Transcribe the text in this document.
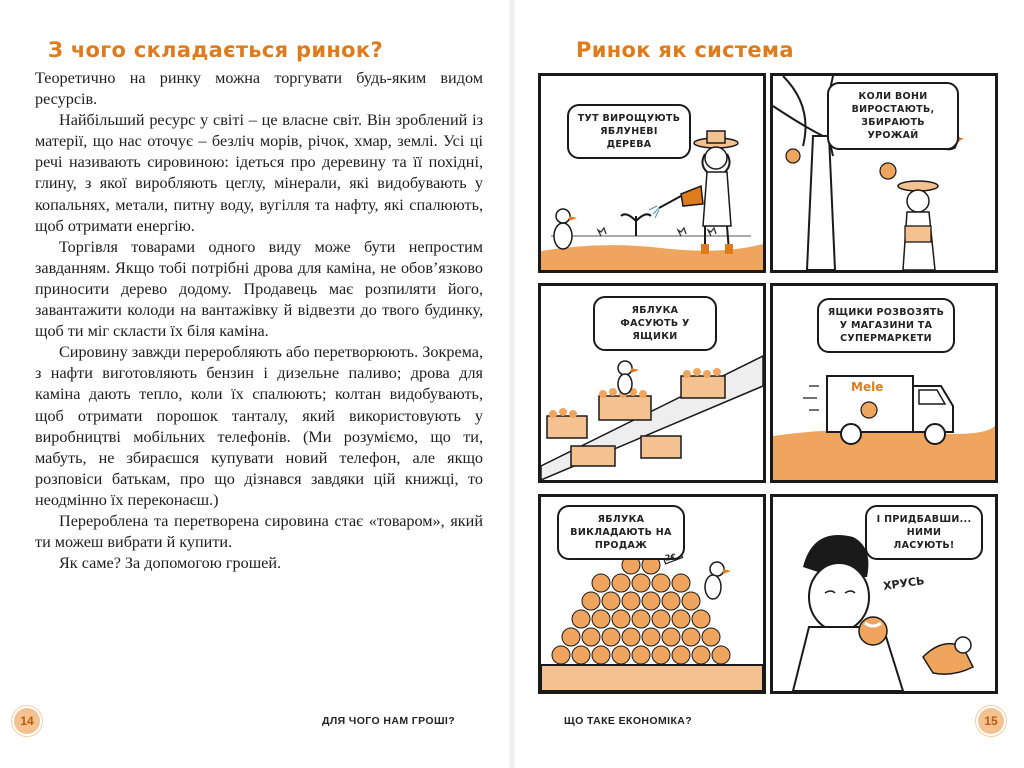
З чого складається ринок?

Теоретично на ринку можна торгувати будь-яким видом ресурсів.

Найбільший ресурс у світі – це власне світ. Він зроблений із матерії, що нас оточує – безліч морів, річок, хмар, землі. Усі ці речі називають сировиною: ідеться про деревину та її похідні, глину, з якої виробляють цеглу, мінерали, які видобувають у копальнях, метали, питну воду, вугілля та нафту, які спалюють, щоб отримати енергію.

Торгівля товарами одного виду може бути непростим завданням. Якщо тобі потрібні дрова для каміна, не обов’язково приносити дерево додому. Продавець має розпиляти його, завантажити колоди на вантажівку й відвезти до твого будинку, щоб ти міг скласти їх біля каміна.

Сировину завжди переробляють або перетворюють. Зокрема, з нафти виготовляють бензин і дизельне паливо; дрова для каміна дають тепло, коли їх спалюють; колтан видобувають, щоб отримати порошок танталу, який використовують у виробництві мобільних телефонів. (Ми розуміємо, що ти, мабуть, не збираєшся купувати новий телефон, але якщо розповіси батькам, про що дізнався завдяки цій книжці, то неодмінно їх переконаєш.)

Перероблена та перетворена сировина стає «товаром», який ти можеш вибрати й купити.

Як саме? За допомогою грошей.

14	ДЛЯ ЧОГО НАМ ГРОШІ?
Ринок як система
ТУТ ВИРОЩУЮТЬ ЯБЛУНЕВІ ДЕРЕВА
КОЛИ ВОНИ ВИРОСТАЮТЬ, ЗБИРАЮТЬ УРОЖАЙ
ЯБЛУКА ФАСУЮТЬ У ЯЩИКИ
ЯЩИКИ РОЗВОЗЯТЬ У МАГАЗИНИ ТА СУПЕРМАРКЕТИ
Mele
ЯБЛУКА ВИКЛАДАЮТЬ НА ПРОДАЖ
2€
І ПРИДБАВШИ... НИМИ ЛАСУЮТЬ!
ХРУСЬ
ЩО ТАКЕ ЕКОНОМІКА?	15
